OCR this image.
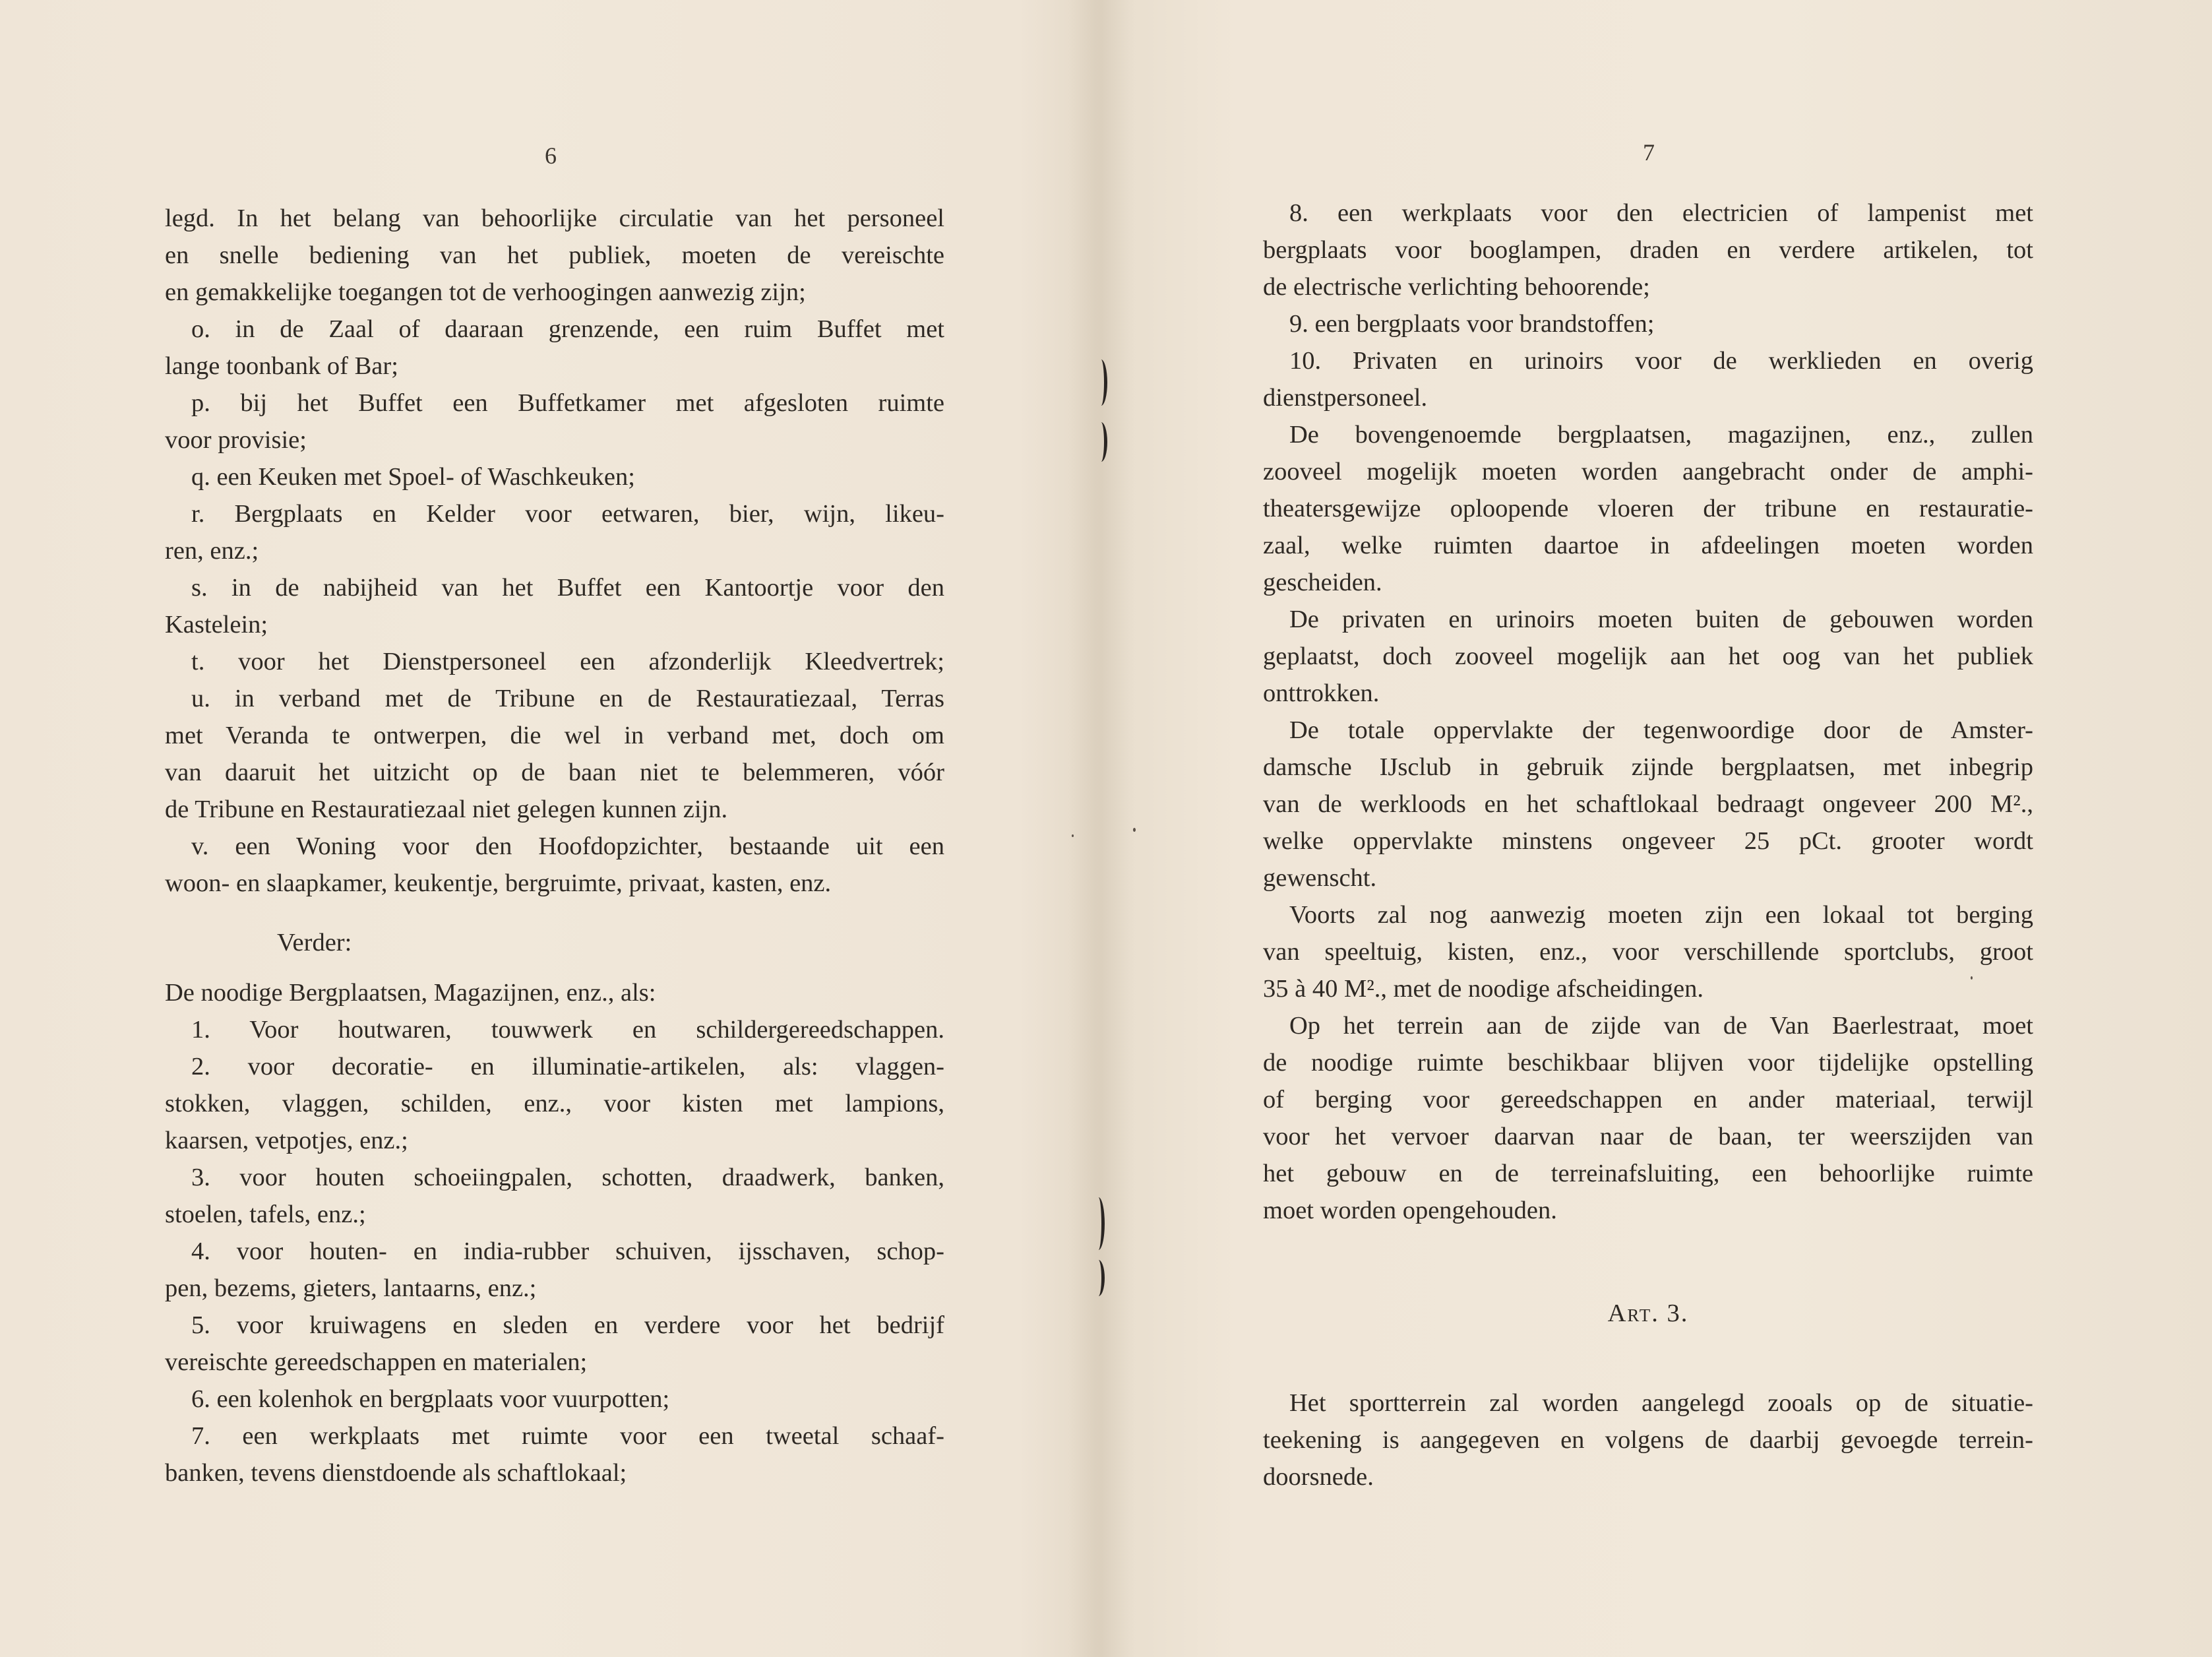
6
legd. In het belang van behoorlijke circulatie van het personeel
en snelle bediening van het publiek, moeten de vereischte
en gemakkelijke toegangen tot de verhoogingen aanwezig zijn;
o. in de Zaal of daaraan grenzende, een ruim Buffet met
lange toonbank of Bar;
p. bij het Buffet een Buffetkamer met afgesloten ruimte
voor provisie;
q. een Keuken met Spoel- of Waschkeuken;
r. Bergplaats en Kelder voor eetwaren, bier, wijn, likeu-
ren, enz.;
s. in de nabijheid van het Buffet een Kantoortje voor den
Kastelein;
t. voor het Dienstpersoneel een afzonderlijk Kleedvertrek;
u. in verband met de Tribune en de Restauratiezaal, Terras
met Veranda te ontwerpen, die wel in verband met, doch om
van daaruit het uitzicht op de baan niet te belemmeren, vóór
de Tribune en Restauratiezaal niet gelegen kunnen zijn.
v. een Woning voor den Hoofdopzichter, bestaande uit een
woon- en slaapkamer, keukentje, bergruimte, privaat, kasten, enz.
Verder:
De noodige Bergplaatsen, Magazijnen, enz., als:
1. Voor houtwaren, touwwerk en schildergereedschappen.
2. voor decoratie- en illuminatie-artikelen, als: vlaggen-
stokken, vlaggen, schilden, enz., voor kisten met lampions,
kaarsen, vetpotjes, enz.;
3. voor houten schoeiingpalen, schotten, draadwerk, banken,
stoelen, tafels, enz.;
4. voor houten- en india-rubber schuiven, ijsschaven, schop-
pen, bezems, gieters, lantaarns, enz.;
5. voor kruiwagens en sleden en verdere voor het bedrijf
vereischte gereedschappen en materialen;
6. een kolenhok en bergplaats voor vuurpotten;
7. een werkplaats met ruimte voor een tweetal schaaf-
banken, tevens dienstdoende als schaftlokaal;
7
8. een werkplaats voor den electricien of lampenist met
bergplaats voor booglampen, draden en verdere artikelen, tot
de electrische verlichting behoorende;
9. een bergplaats voor brandstoffen;
10. Privaten en urinoirs voor de werklieden en overig
dienstpersoneel.
De bovengenoemde bergplaatsen, magazijnen, enz., zullen
zooveel mogelijk moeten worden aangebracht onder de amphi-
theatersgewijze oploopende vloeren der tribune en restauratie-
zaal, welke ruimten daartoe in afdeelingen moeten worden
gescheiden.
De privaten en urinoirs moeten buiten de gebouwen worden
geplaatst, doch zooveel mogelijk aan het oog van het publiek
onttrokken.
De totale oppervlakte der tegenwoordige door de Amster-
damsche IJsclub in gebruik zijnde bergplaatsen, met inbegrip
van de werkloods en het schaftlokaal bedraagt ongeveer 200 M².,
welke oppervlakte minstens ongeveer 25 pCt. grooter wordt
gewenscht.
Voorts zal nog aanwezig moeten zijn een lokaal tot berging
van speeltuig, kisten, enz., voor verschillende sportclubs, groot
35 à 40 M²., met de noodige afscheidingen.
Op het terrein aan de zijde van de Van Baerlestraat, moet
de noodige ruimte beschikbaar blijven voor tijdelijke opstelling
of berging voor gereedschappen en ander materiaal, terwijl
voor het vervoer daarvan naar de baan, ter weerszijden van
het gebouw en de terreinafsluiting, een behoorlijke ruimte
moet worden opengehouden.
Art. 3.
Het sportterrein zal worden aangelegd zooals op de situatie-
teekening is aangegeven en volgens de daarbij gevoegde terrein-
doorsnede.
